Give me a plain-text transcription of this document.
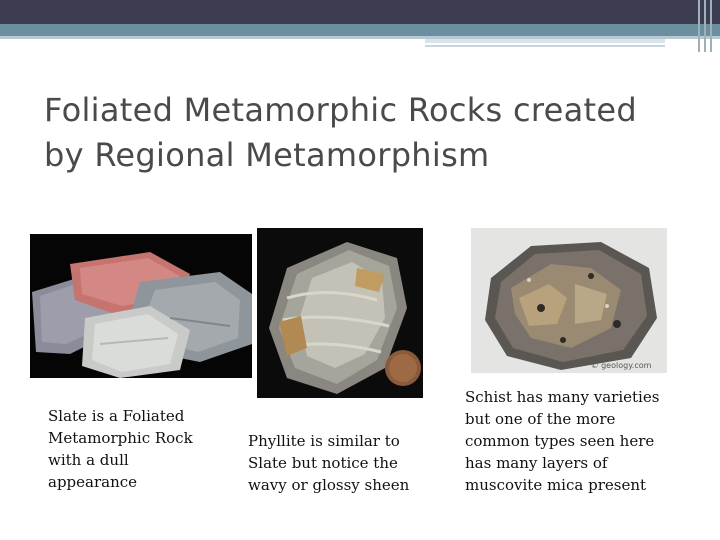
Foliated Metamorphic Rocks created by Regional Metamorphism
Slate is a Foliated Metamorphic Rock with a dull appearance
Phyllite is similar to Slate but notice the wavy or glossy sheen
© geology.com
Schist has many varieties but one of the more common types seen here has many layers of muscovite mica present
